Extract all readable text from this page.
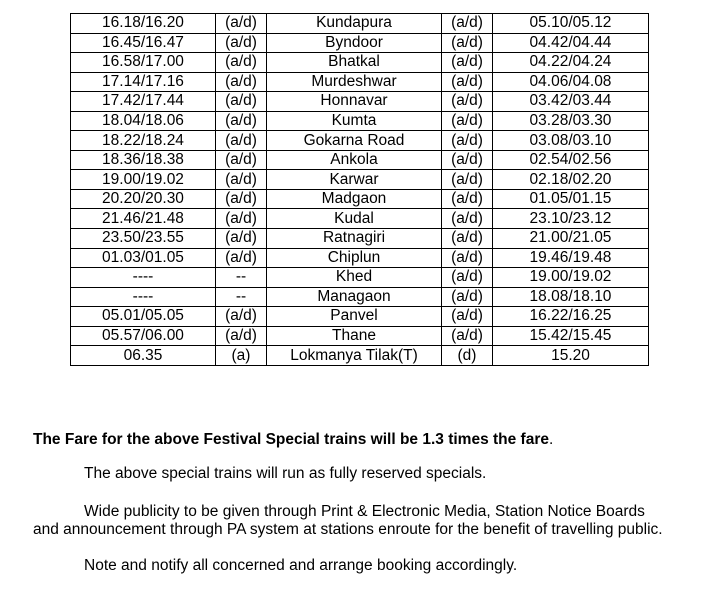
16.18/16.20	(a/d)	Kundapura	(a/d)	05.10/05.12
16.45/16.47	(a/d)	Byndoor	(a/d)	04.42/04.44
16.58/17.00	(a/d)	Bhatkal	(a/d)	04.22/04.24
17.14/17.16	(a/d)	Murdeshwar	(a/d)	04.06/04.08
17.42/17.44	(a/d)	Honnavar	(a/d)	03.42/03.44
18.04/18.06	(a/d)	Kumta	(a/d)	03.28/03.30
18.22/18.24	(a/d)	Gokarna Road	(a/d)	03.08/03.10
18.36/18.38	(a/d)	Ankola	(a/d)	02.54/02.56
19.00/19.02	(a/d)	Karwar	(a/d)	02.18/02.20
20.20/20.30	(a/d)	Madgaon	(a/d)	01.05/01.15
21.46/21.48	(a/d)	Kudal	(a/d)	23.10/23.12
23.50/23.55	(a/d)	Ratnagiri	(a/d)	21.00/21.05
01.03/01.05	(a/d)	Chiplun	(a/d)	19.46/19.48
----	--	Khed	(a/d)	19.00/19.02
----	--	Managaon	(a/d)	18.08/18.10
05.01/05.05	(a/d)	Panvel	(a/d)	16.22/16.25
05.57/06.00	(a/d)	Thane	(a/d)	15.42/15.45
06.35	(a)	Lokmanya Tilak(T)	(d)	15.20
The Fare for the above Festival Special trains will be 1.3 times the fare.
The above special trains will run as fully reserved specials.
Wide publicity to be given through Print & Electronic Media, Station Notice Boards
and announcement through PA system at stations enroute for the benefit of travelling public.
Note and notify all concerned and arrange booking accordingly.
